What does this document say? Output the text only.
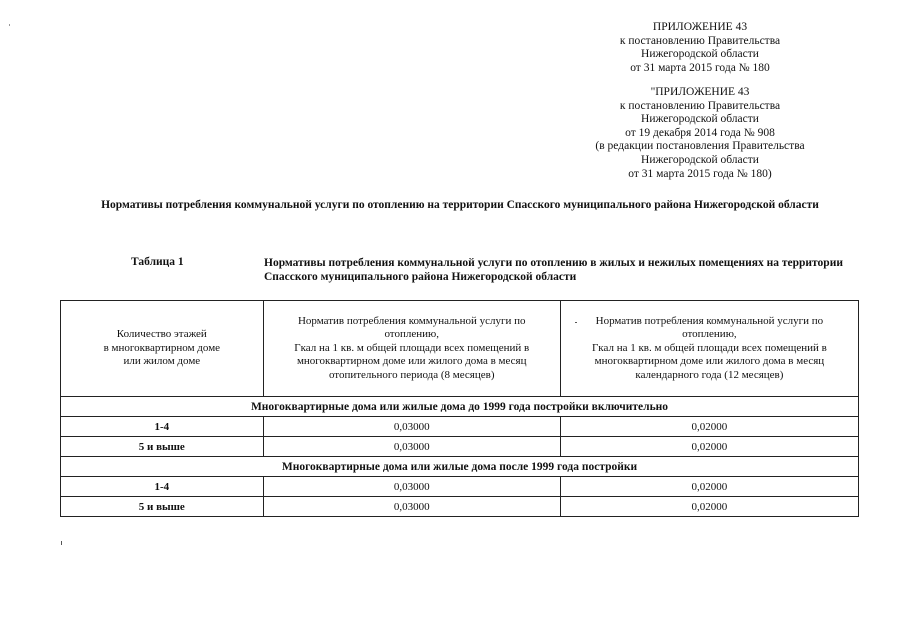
ПРИЛОЖЕНИЕ 43
к постановлению Правительства
Нижегородской области
от 31 марта 2015 года № 180
"ПРИЛОЖЕНИЕ 43
к постановлению Правительства
Нижегородской области
от 19 декабря 2014 года № 908
(в редакции постановления Правительства
Нижегородской области
от 31 марта 2015 года № 180)
Нормативы потребления коммунальной услуги по отоплению на территории Спасского муниципального района Нижегородской области
Таблица 1	Нормативы потребления коммунальной услуги по отоплению в жилых и нежилых помещениях на территории Спасского муниципального района Нижегородской области
Количество этажей
в многоквартирном доме
или жилом доме	Норматив потребления коммунальной услуги по
отоплению,
Гкал на 1 кв. м общей площади всех помещений в
многоквартирном доме или жилого дома в месяц
отопительного периода (8 месяцев)	Норматив потребления коммунальной услуги по
отоплению,
Гкал на 1 кв. м общей площади всех помещений в
многоквартирном доме или жилого дома в месяц
календарного года (12 месяцев)

Многоквартирные дома или жилые дома до 1999 года постройки включительно		
1-4	0,03000	0,02000
5 и выше	0,03000	0,02000
Многоквартирные дома или жилые дома после 1999 года постройки		
1-4	0,03000	0,02000
5 и выше	0,03000	0,02000
